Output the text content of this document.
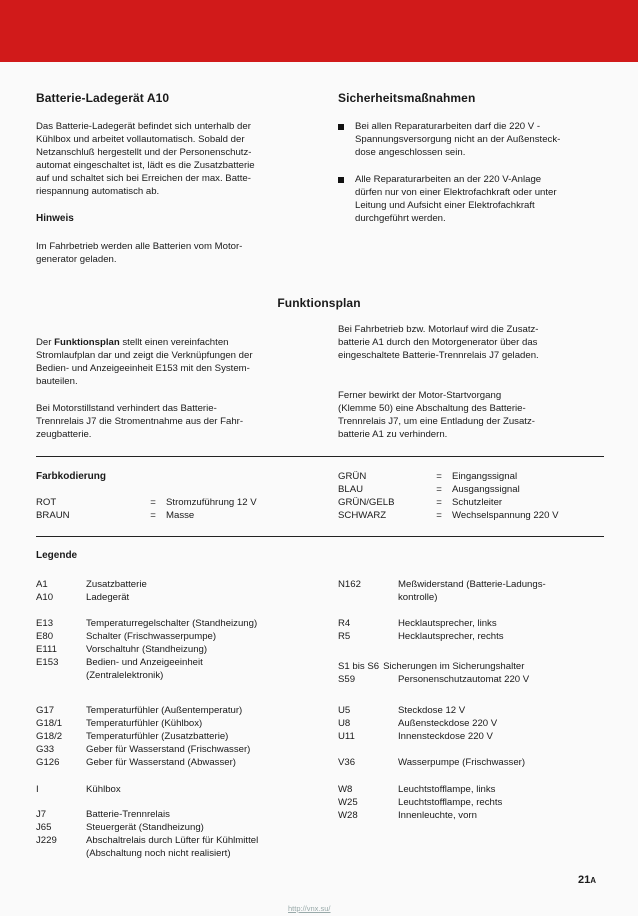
Batterie-Ladegerät A10
Das Batterie-Ladegerät befindet sich unterhalb der
Kühlbox und arbeitet vollautomatisch. Sobald der
Netzanschluß hergestellt und der Personenschutz-
automat eingeschaltet ist, lädt es die Zusatzbatterie
auf und schaltet sich bei Erreichen der max. Batte-
riespannung automatisch ab.
Hinweis
Im Fahrbetrieb werden alle Batterien vom Motor-
generator geladen.
Sicherheitsmaßnahmen
Bei allen Reparaturarbeiten darf die 220 V -
Spannungsversorgung nicht an der Außensteck-
dose angeschlossen sein.
Alle Reparaturarbeiten an der 220 V-Anlage
dürfen nur von einer Elektrofachkraft oder unter
Leitung und Aufsicht einer Elektrofachkraft
durchgeführt werden.
Funktionsplan

Der Funktionsplan stellt einen vereinfachten
Stromlaufplan dar und zeigt die Verknüpfungen der
Bedien- und Anzeigeeinheit E153 mit den System-
bauteilen.

Bei Motorstillstand verhindert das Batterie-
Trennrelais J7 die Stromentnahme aus der Fahr-
zeugbatterie.
Bei Fahrbetrieb bzw. Motorlauf wird die Zusatz-
batterie A1 durch den Motorgenerator über das
eingeschaltete Batterie-Trennrelais J7 geladen.
Ferner bewirkt der Motor-Startvorgang
(Klemme 50) eine Abschaltung des Batterie-
Trennrelais J7, um eine Entladung der Zusatz-
batterie A1 zu verhindern.
Farbkodierung
ROT	=	Stromzuführung 12 V
BRAUN	=	Masse
GRÜN	=	Eingangssignal
BLAU	=	Ausgangssignal
GRÜN/GELB	=	Schutzleiter
SCHWARZ	=	Wechselspannung 220 V
Legende
A1	Zusatzbatterie
A10	Ladegerät
E13	Temperaturregelschalter (Standheizung)
E80	Schalter (Frischwasserpumpe)
E111	Vorschaltuhr (Standheizung)
E153	Bedien- und Anzeigeeinheit
(Zentralelektronik)
G17	Temperaturfühler (Außentemperatur)
G18/1	Temperaturfühler (Kühlbox)
G18/2	Temperaturfühler (Zusatzbatterie)
G33	Geber für Wasserstand (Frischwasser)
G126	Geber für Wasserstand (Abwasser)
I	Kühlbox
J7	Batterie-Trennrelais
J65	Steuergerät (Standheizung)
J229	Abschaltrelais durch Lüfter für Kühlmittel
(Abschaltung noch nicht realisiert)
N162	Meßwiderstand (Batterie-Ladungs-
kontrolle)
R4	Hecklautsprecher, links
R5	Hecklautsprecher, rechts
S1 bis S6 Sicherungen im Sicherungshalter
S59	Personenschutzautomat 220 V
U5	Steckdose 12 V
U8	Außensteckdose 220 V
U11	Innensteckdose 220 V
V36	Wasserpumpe (Frischwasser)
W8	Leuchtstofflampe, links
W25	Leuchtstofflampe, rechts
W28	Innenleuchte, vorn
21A
http://vnx.su/
